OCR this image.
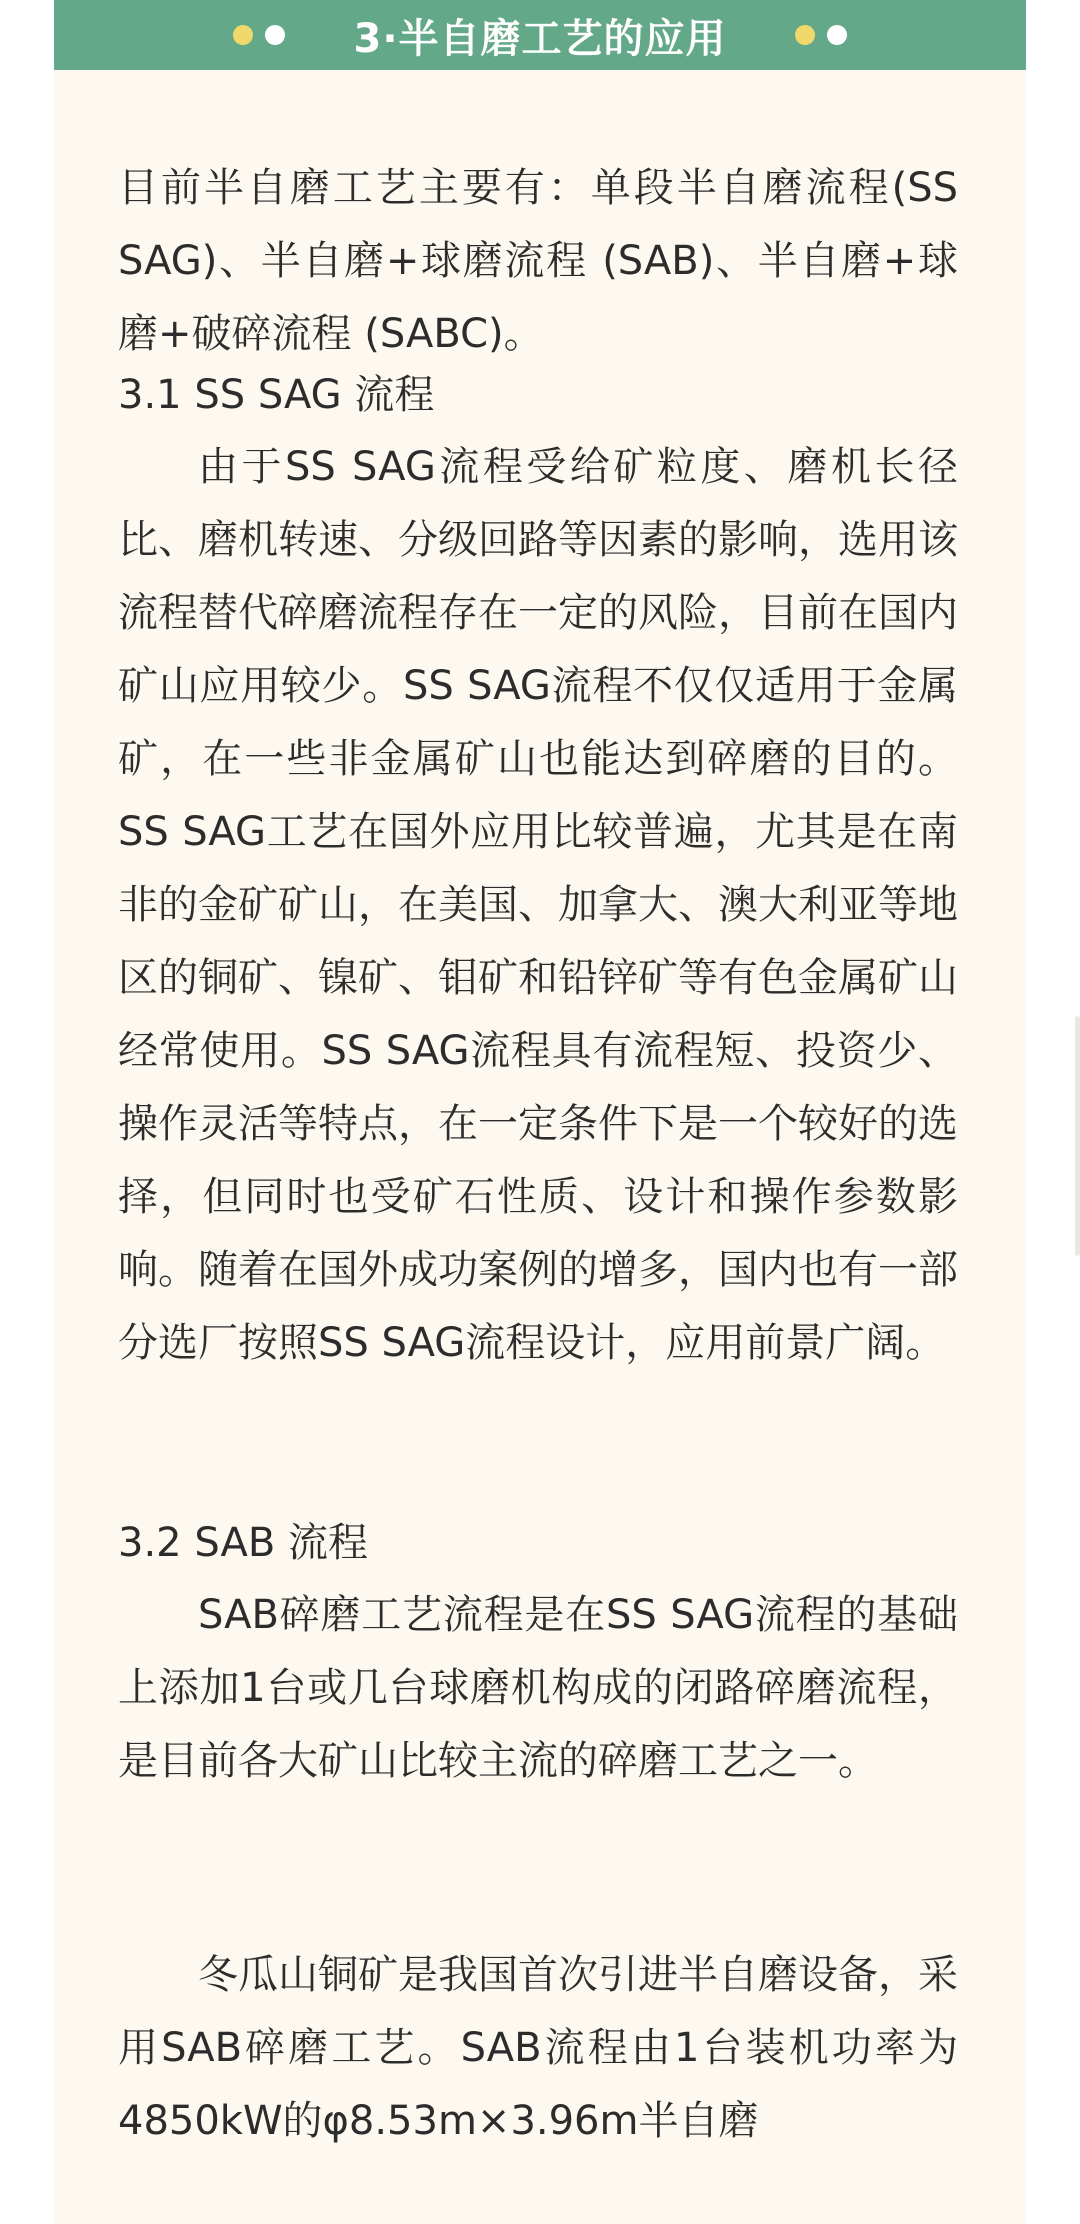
3·半自磨工艺的应用

目前半自磨工艺主要有：单段半自磨流程(SS SAG)、半自磨+球磨流程 (SAB)、半自磨+球磨+破碎流程 (SABC)。

3.1 SS SAG 流程

由于SS SAG流程受给矿粒度、磨机长径比、磨机转速、分级回路等因素的影响，选用该流程替代碎磨流程存在一定的风险，目前在国内矿山应用较少。SS SAG流程不仅仅适用于金属矿，在一些非金属矿山也能达到碎磨的目的。SS SAG工艺在国外应用比较普遍，尤其是在南非的金矿矿山，在美国、加拿大、澳大利亚等地区的铜矿、镍矿、钼矿和铅锌矿等有色金属矿山经常使用。SS SAG流程具有流程短、投资少、操作灵活等特点，在一定条件下是一个较好的选择，但同时也受矿石性质、设计和操作参数影响。随着在国外成功案例的增多，国内也有一部分选厂按照SS SAG流程设计，应用前景广阔。

3.2 SAB 流程

SAB碎磨工艺流程是在SS SAG流程的基础上添加1台或几台球磨机构成的闭路碎磨流程，是目前各大矿山比较主流的碎磨工艺之一。

冬瓜山铜矿是我国首次引进半自磨设备，采用SAB碎磨工艺。SAB流程由1台装机功率为4850kW的φ8.53m×3.96m半自磨
